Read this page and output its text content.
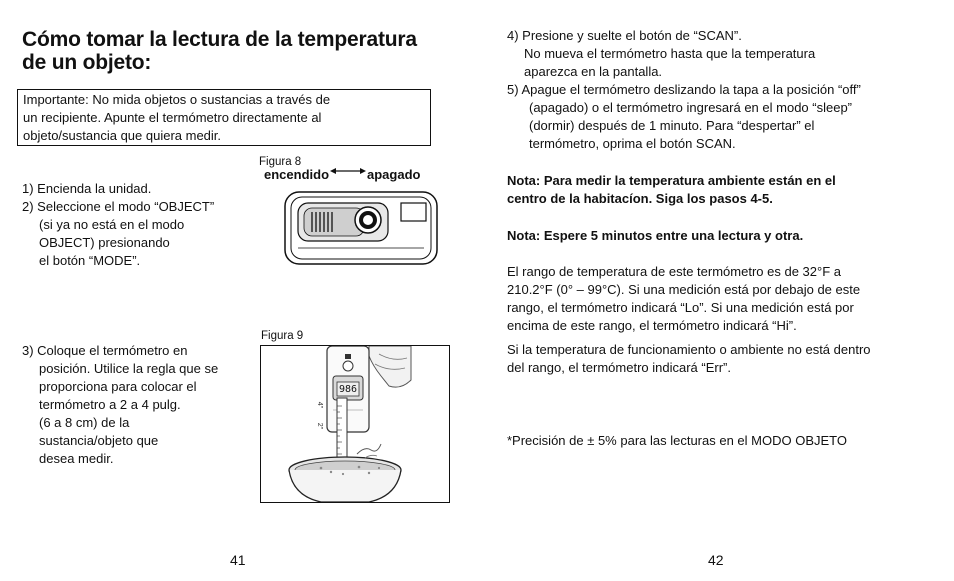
Cómo tomar la lectura de la temperatura
de un objeto:
Importante: No mida objetos o sustancias a través de
un recipiente. Apunte el termómetro directamente al
objeto/sustancia que quiera medir.
Figura 8
encendido	apagado
1) Encienda la unidad.
2) Seleccione el modo “OBJECT”
(si ya no está en el modo
OBJECT) presionando
el botón “MODE”.
Figura 9
986
4"
2"
3) Coloque el termómetro en
posición. Utilice la regla que se
proporciona para colocar el
termómetro a 2 a 4 pulg.
(6 a 8 cm) de la
sustancia/objeto que
desea medir.
41
4) Presione y suelte el botón de “SCAN”.
No mueva el termómetro hasta que la temperatura
aparezca en la pantalla.
5) Apague el termómetro deslizando la tapa a la posición “off”
(apagado) o el termómetro ingresará en el modo “sleep”
(dormir) después de 1 minuto. Para “despertar” el
termómetro, oprima el botón SCAN.
Nota: Para medir la temperatura ambiente están en el
centro de la habitacíon. Siga los pasos 4-5.
Nota: Espere 5 minutos entre una lectura y otra.
El rango de temperatura de este termómetro es de 32°F a
210.2°F (0° – 99°C). Si una medición está por debajo de este
rango, el termómetro indicará “Lo”. Si una medición está por
encima de este rango, el termómetro indicará “Hi”.
Si la temperatura de funcionamiento o ambiente no está dentro
del rango, el termómetro indicará “Err”.
*Precisión de ± 5% para las lecturas en el MODO OBJETO
42
